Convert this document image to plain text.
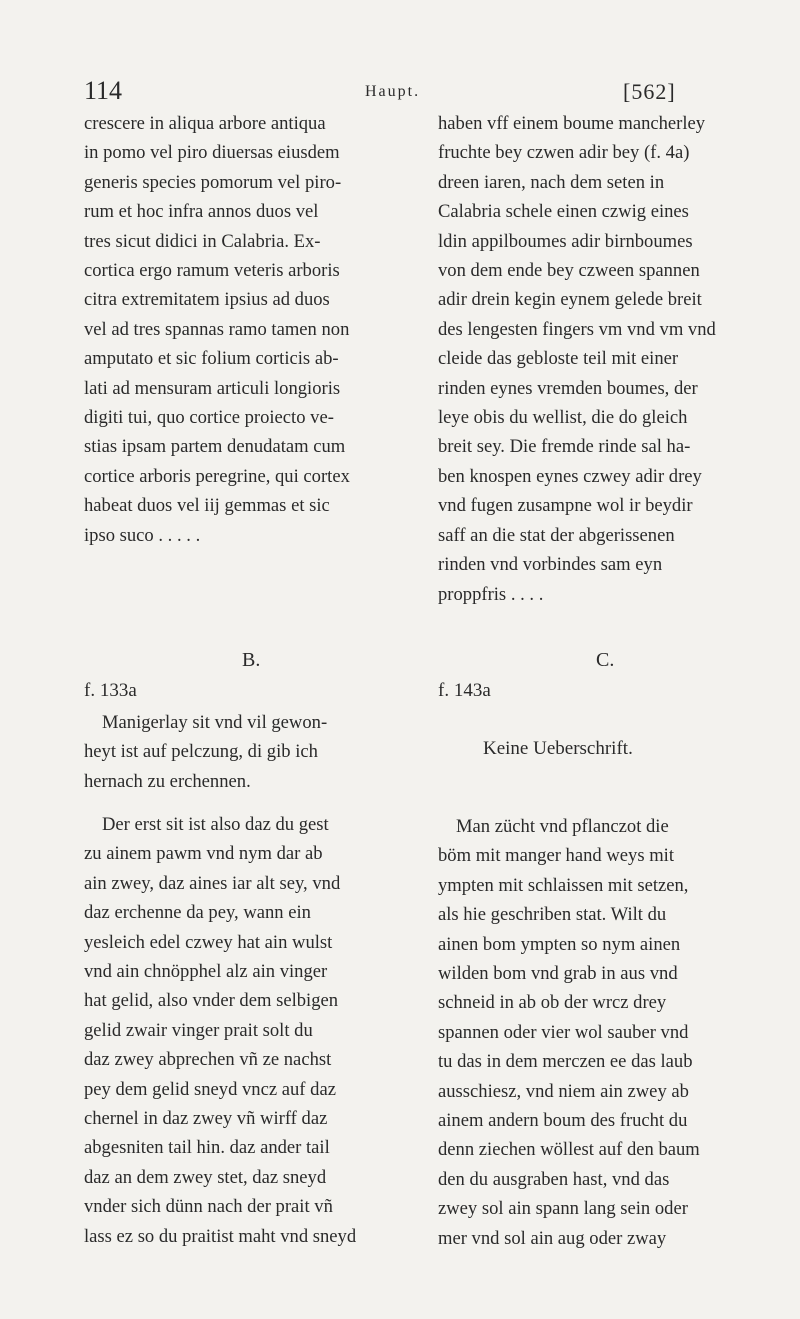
114	Haupt.	[562]
crescere in aliqua arbore antiqua
in pomo vel piro diuersas eiusdem
generis species pomorum vel piro-
rum et hoc infra annos duos vel
tres sicut didici in Calabria. Ex-
cortica ergo ramum veteris arboris
citra extremitatem ipsius ad duos
vel ad tres spannas ramo tamen non
amputato et sic folium corticis ab-
lati ad mensuram articuli longioris
digiti tui, quo cortice proiecto ve-
stias ipsam partem denudatam cum
cortice arboris peregrine, qui cortex
habeat duos vel iij gemmas et sic
ipso suco . . . . .
haben vff einem boume mancherley
fruchte bey czwen adir bey (f. 4a)
dreen iaren, nach dem seten in
Calabria schele einen czwig eines
ldin appilboumes adir birnboumes
von dem ende bey czween spannen
adir drein kegin eynem gelede breit
des lengesten fingers vm vnd vm vnd
cleide das gebloste teil mit einer
rinden eynes vremden boumes, der
leye obis du wellist, die do gleich
breit sey. Die fremde rinde sal ha-
ben knospen eynes czwey adir drey
vnd fugen zusampne wol ir beydir
saff an die stat der abgerissenen
rinden vnd vorbindes sam eyn
proppfris . . . .
B.	C.
f. 133a	f. 143a
Keine Ueberschrift.
Manigerlay sit vnd vil gewon-
heyt ist auf pelczung, di gib ich
hernach zu erchennen.
Der erst sit ist also daz du gest
zu ainem pawm vnd nym dar ab
ain zwey, daz aines iar alt sey, vnd
daz erchenne da pey, wann ein
yesleich edel czwey hat ain wulst
vnd ain chnöpphel alz ain vinger
hat gelid, also vnder dem selbigen
gelid zwair vinger prait solt du
daz zwey abprechen vñ ze nachst
pey dem gelid sneyd vncz auf daz
chernel in daz zwey vñ wirff daz
abgesniten tail hin. daz ander tail
daz an dem zwey stet, daz sneyd
vnder sich dünn nach der prait vñ
lass ez so du praitist maht vnd sneyd
Man zücht vnd pflanczot die
böm mit manger hand weys mit
ympten mit schlaissen mit setzen,
als hie geschriben stat. Wilt du
ainen bom ympten so nym ainen
wilden bom vnd grab in aus vnd
schneid in ab ob der wrcz drey
spannen oder vier wol sauber vnd
tu das in dem merczen ee das laub
ausschiesz, vnd niem ain zwey ab
ainem andern boum des frucht du
denn ziechen wöllest auf den baum
den du ausgraben hast, vnd das
zwey sol ain spann lang sein oder
mer vnd sol ain aug oder zway
